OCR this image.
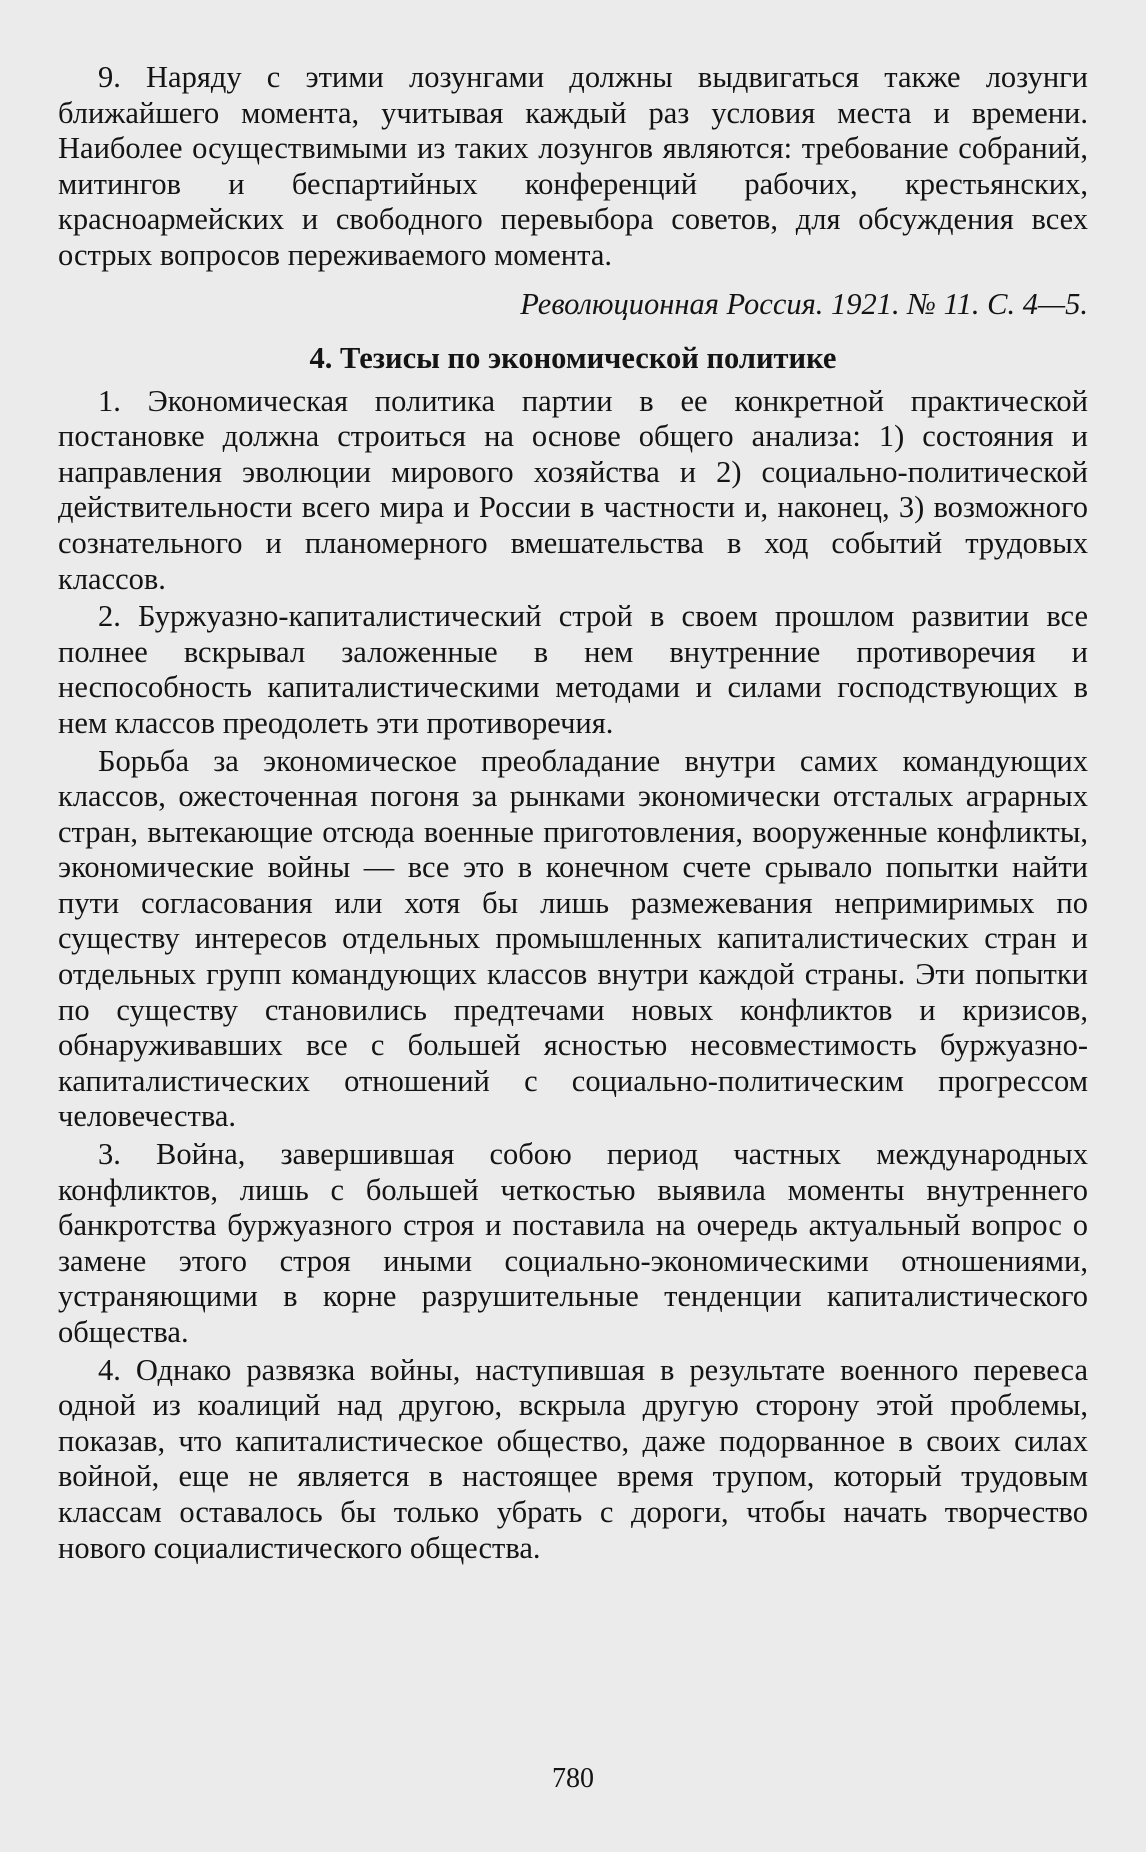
9. Наряду с этими лозунгами должны выдвигаться также лозунги ближайшего момента, учитывая каждый раз условия места и времени. Наиболее осуществимыми из таких лозунгов являются: требование собраний, митингов и беспартийных конференций рабочих, крестьянских, красноармейских и свободного перевыбора советов, для обсуждения всех острых вопросов переживаемого момента.

Революционная Россия. 1921. № 11. С. 4—5.

4. Тезисы по экономической политике

1. Экономическая политика партии в ее конкретной практической постановке должна строиться на основе общего анализа: 1) состояния и направления эволюции мирового хозяйства и 2) социально-политической действительности всего мира и России в частности и, наконец, 3) возможного сознательного и планомерного вмешательства в ход событий трудовых классов.

2. Буржуазно-капиталистический строй в своем прошлом развитии все полнее вскрывал заложенные в нем внутренние противоречия и неспособность капиталистическими методами и силами господствующих в нем классов преодолеть эти противоречия.

Борьба за экономическое преобладание внутри самих командующих классов, ожесточенная погоня за рынками экономически отсталых аграрных стран, вытекающие отсюда военные приготовления, вооруженные конфликты, экономические войны — все это в конечном счете срывало попытки найти пути согласования или хотя бы лишь размежевания непримиримых по существу интересов отдельных промышленных капиталистических стран и отдельных групп командующих классов внутри каждой страны. Эти попытки по существу становились предтечами новых конфликтов и кризисов, обнаруживавших все с большей ясностью несовместимость буржуазно-капиталистических отношений с социально-политическим прогрессом человечества.

3. Война, завершившая собою период частных международных конфликтов, лишь с большей четкостью выявила моменты внутреннего банкротства буржуазного строя и поставила на очередь актуальный вопрос о замене этого строя иными социально-экономическими отношениями, устраняющими в корне разрушительные тенденции капиталистического общества.

4. Однако развязка войны, наступившая в результате военного перевеса одной из коалиций над другою, вскрыла другую сторону этой проблемы, показав, что капиталистическое общество, даже подорванное в своих силах войной, еще не является в настоящее время трупом, который трудовым классам оставалось бы только убрать с дороги, чтобы начать творчество нового социалистического общества.

780
